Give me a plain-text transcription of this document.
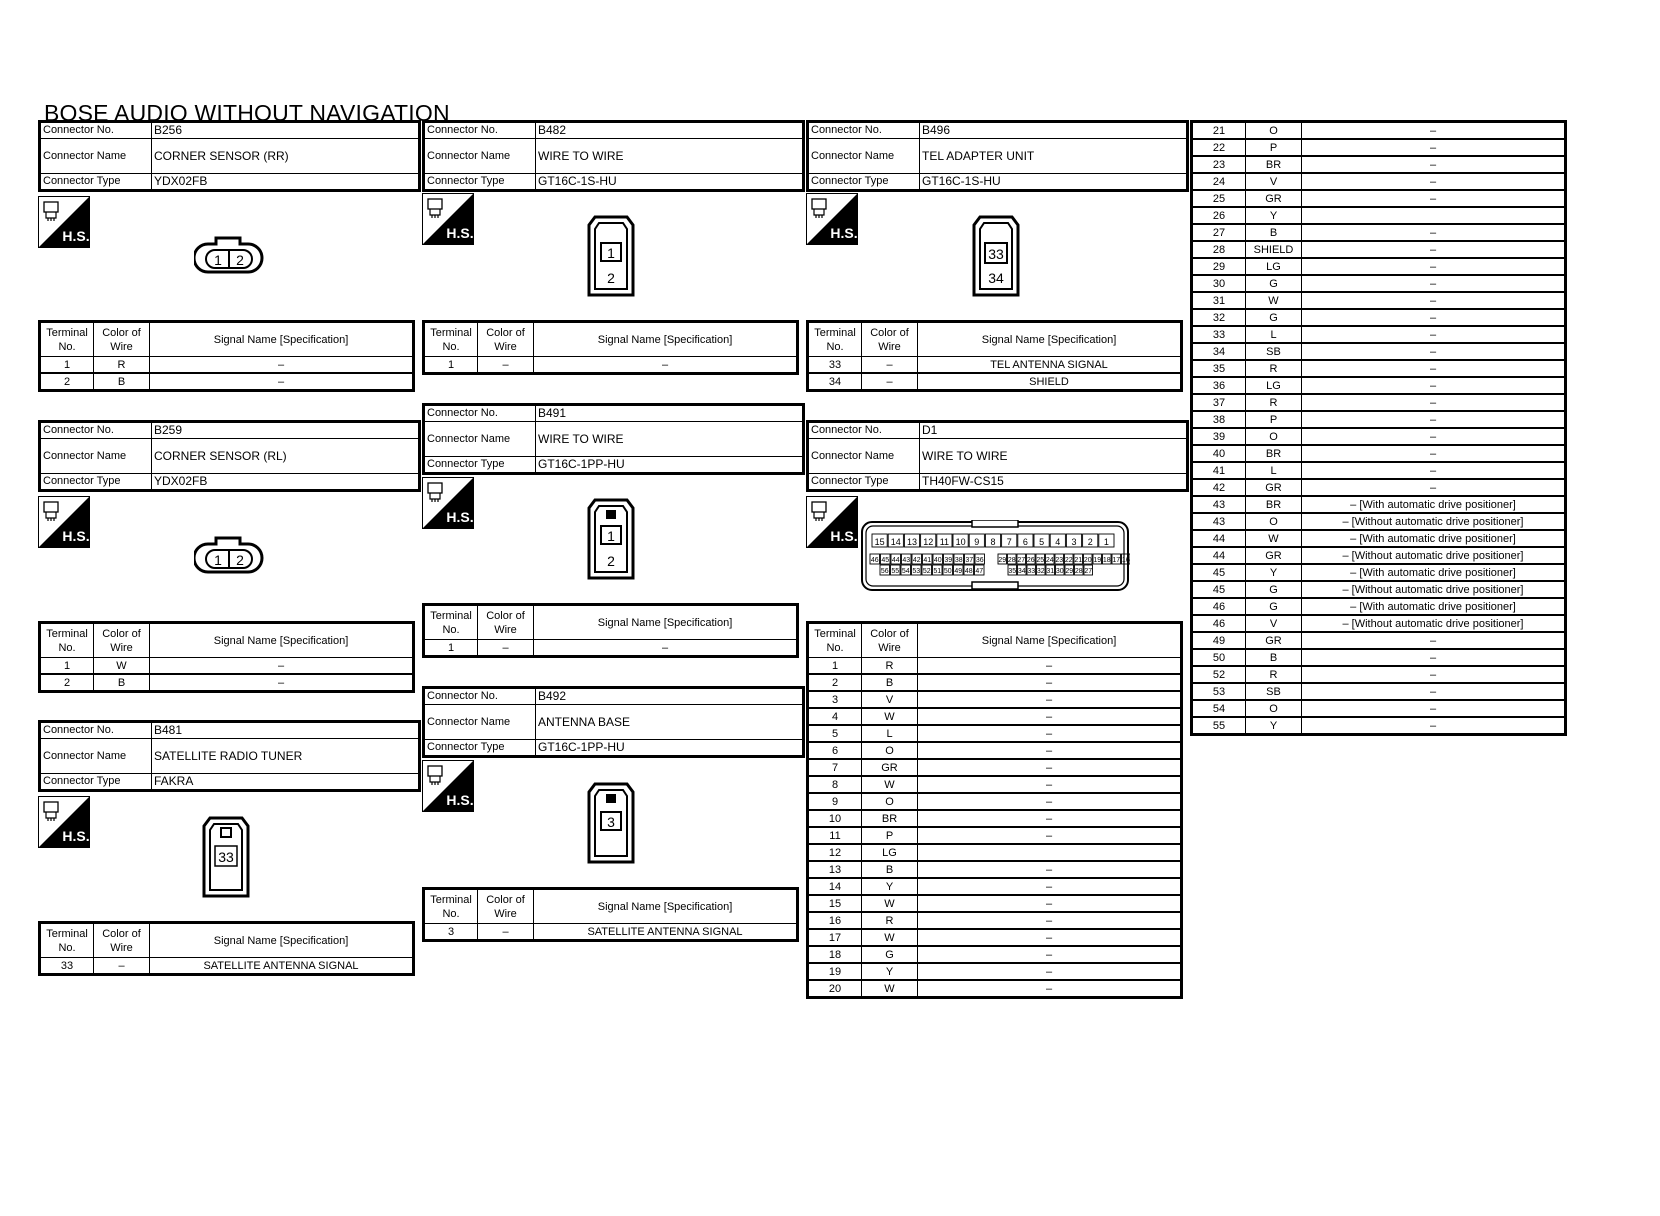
BOSE AUDIO WITHOUT NAVIGATION
Connector No.	B256
Connector Name	CORNER SENSOR (RR)
Connector Type	YDX02FB
H.S.
1 2
Terminal No.	Color of Wire	Signal Name [Specification]
1	R	–
2	B	–
Connector No.	B259
Connector Name	CORNER SENSOR (RL)
Connector Type	YDX02FB
H.S.
1 2
Terminal No.	Color of Wire	Signal Name [Specification]
1	W	–
2	B	–
Connector No.	B481
Connector Name	SATELLITE RADIO TUNER
Connector Type	FAKRA
H.S.
33
Terminal No.	Color of Wire	Signal Name [Specification]
33	–	SATELLITE ANTENNA SIGNAL
Connector No.	B482
Connector Name	WIRE TO WIRE
Connector Type	GT16C-1S-HU
H.S.
1
2
Terminal No.	Color of Wire	Signal Name [Specification]
1	–	–
Connector No.	B491
Connector Name	WIRE TO WIRE
Connector Type	GT16C-1PP-HU
H.S.
1
2
Terminal No.	Color of Wire	Signal Name [Specification]
1	–	–
Connector No.	B492
Connector Name	ANTENNA BASE
Connector Type	GT16C-1PP-HU
H.S.
3
Terminal No.	Color of Wire	Signal Name [Specification]
3	–	SATELLITE ANTENNA SIGNAL
Connector No.	B496
Connector Name	TEL ADAPTER UNIT
Connector Type	GT16C-1S-HU
H.S.
33
34
Terminal No.	Color of Wire	Signal Name [Specification]
33	–	TEL ANTENNA SIGNAL
34	–	SHIELD
Connector No.	D1
Connector Name	WIRE TO WIRE
Connector Type	TH40FW-CS15
H.S. 15 14 13 12 11 10 9 8 7 6 5 4 3 2 1
46 45 44 43 42 41 40 39 38 37 36 29 28 27 26 25 24 23 22 21 20 19 18 17 16
56 55 54 53 52 51 50 49 48 47	35 34 33 32 31 30 29 28 27
Terminal No.	Color of Wire	Signal Name [Specification]
1	R	–
2	B	–
3	V	–
4	W	–
5	L	–
6	O	–
7	GR	–
8	W	–
9	O	–
10	BR	–
11	P	–
12	LG	
13	B	–
14	Y	–
15	W	–
16	R	–
17	W	–
18	G	–
19	Y	–
20	W	–
21	O	–
22	P	–
23	BR	–
24	V	–
25	GR	–
26	Y	
27	B	–
28	SHIELD	–
29	LG	–
30	G	–
31	W	–
32	G	–
33	L	–
34	SB	–
35	R	–
36	LG	–
37	R	–
38	P	–
39	O	–
40	BR	–
41	L	–
42	GR	–
43	BR	– [With automatic drive positioner]
43	O	– [Without automatic drive positioner]
44	W	– [With automatic drive positioner]
44	GR	– [Without automatic drive positioner]
45	Y	– [With automatic drive positioner]
45	G	– [Without automatic drive positioner]
46	G	– [With automatic drive positioner]
46	V	– [Without automatic drive positioner]
49	GR	–
50	B	–
52	R	–
53	SB	–
54	O	–
55	Y	–
